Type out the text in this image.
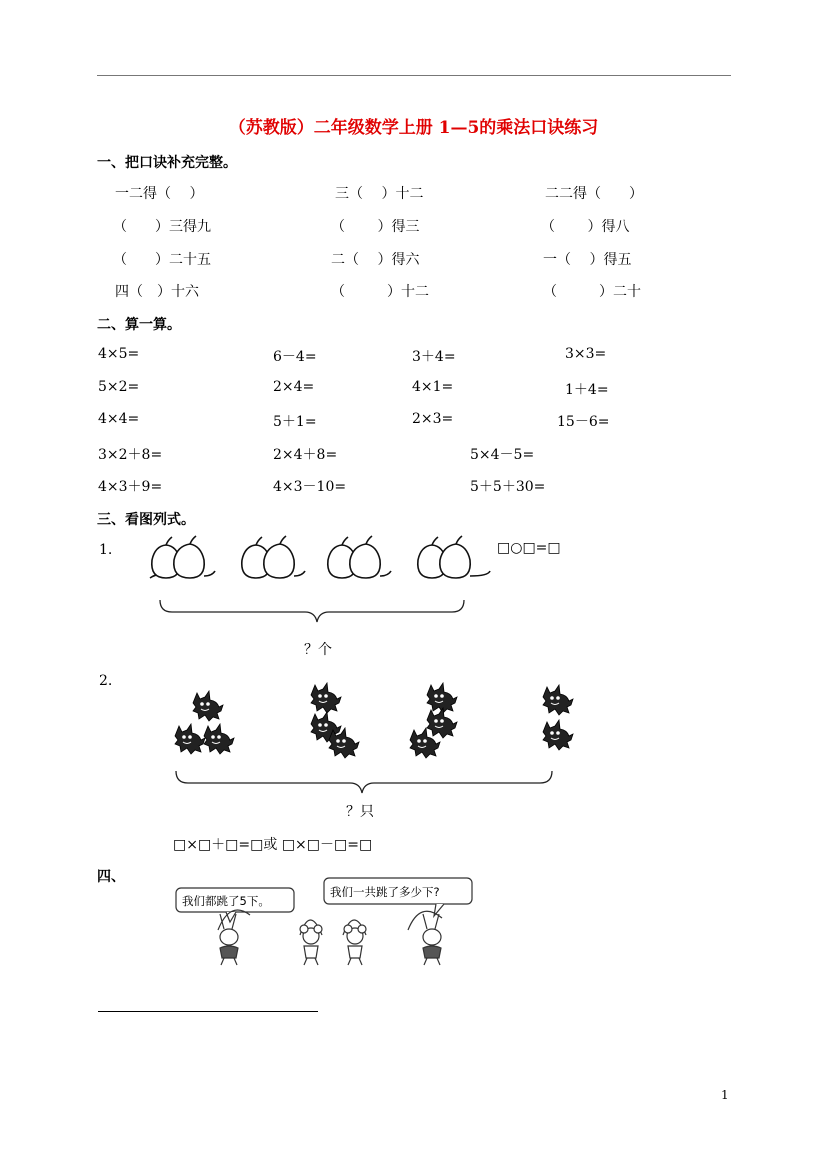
（苏教版）二年级数学上册 1—5的乘法口诀练习
一、把口诀补充完整。
一二得（　 ）	三（　 ）十二	二二得（　　）
（　　）三得九	（　　 ）得三	（　　 ）得八
（　　）二十五	二（　 ）得六	一（　 ）得五
四（　）十六	（　　　）十二	（　　　）二十
二、算一算。
4×5=	6－4=	3＋4=	3×3=
5×2=	2×4=	4×1=	1＋4=
4×4=	5＋1=	2×3=	15－6=
3×2＋8=	2×4＋8=	5×4－5=
4×3＋9=	4×3－10=	5＋5＋30=
三、看图列式。
1.	□○□=□
？个
2.
？只
□×□＋□=□或 □×□－□=□
四、
我们都跳了5下。
我们一共跳了多少下?
1
